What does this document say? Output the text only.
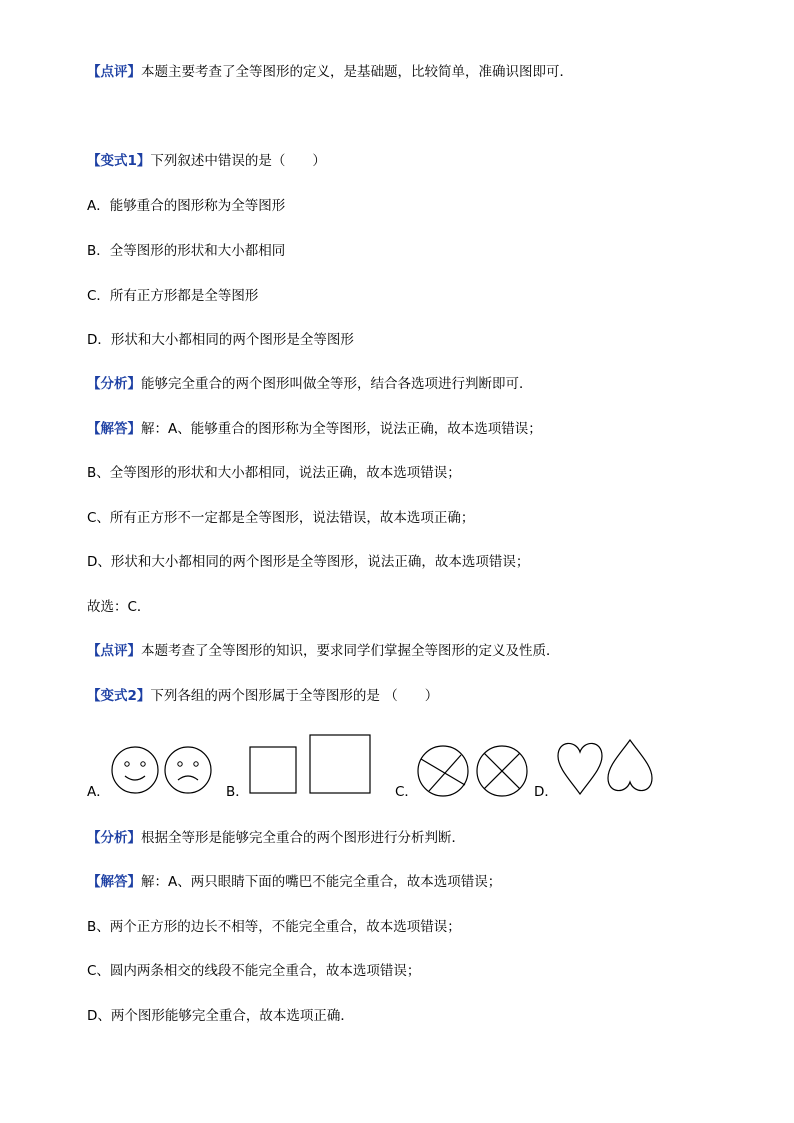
【点评】本题主要考查了全等图形的定义，是基础题，比较简单，准确识图即可．
【变式1】下列叙述中错误的是（　　）
A．能够重合的图形称为全等图形
B．全等图形的形状和大小都相同
C．所有正方形都是全等图形
D．形状和大小都相同的两个图形是全等图形
【分析】能够完全重合的两个图形叫做全等形，结合各选项进行判断即可．
【解答】解：A、能够重合的图形称为全等图形，说法正确，故本选项错误；
B、全等图形的形状和大小都相同，说法正确，故本选项错误；
C、所有正方形不一定都是全等图形，说法错误，故本选项正确；
D、形状和大小都相同的两个图形是全等图形，说法正确，故本选项错误；
故选：C．
【点评】本题考查了全等图形的知识，要求同学们掌握全等图形的定义及性质．
【变式2】下列各组的两个图形属于全等图形的是 （　　）
A．	B．	C．	D．
【分析】根据全等形是能够完全重合的两个图形进行分析判断．
【解答】解：A、两只眼睛下面的嘴巴不能完全重合，故本选项错误；
B、两个正方形的边长不相等，不能完全重合，故本选项错误；
C、圆内两条相交的线段不能完全重合，故本选项错误；
D、两个图形能够完全重合，故本选项正确．
